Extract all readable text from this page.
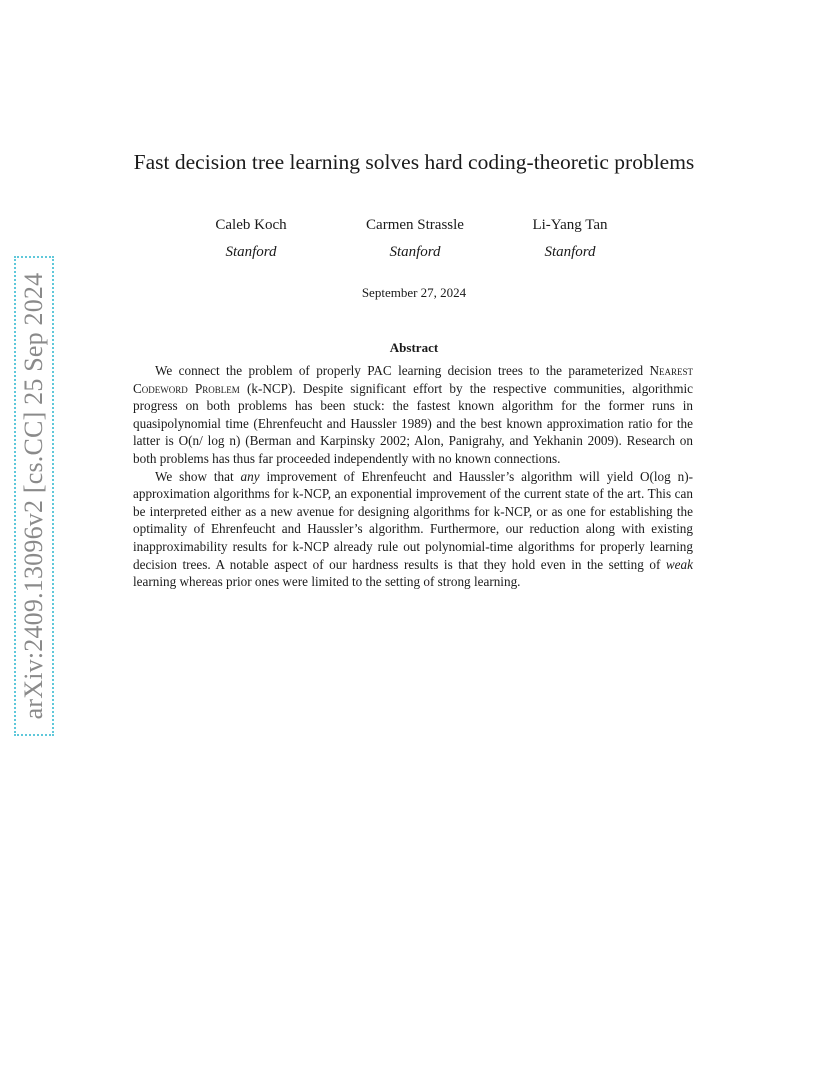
arXiv:2409.13096v2 [cs.CC] 25 Sep 2024
Fast decision tree learning solves hard coding-theoretic problems
Caleb Koch
Stanford
Carmen Strassle
Stanford
Li-Yang Tan
Stanford
September 27, 2024
Abstract

We connect the problem of properly PAC learning decision trees to the parameterized Nearest Codeword Problem (k-NCP). Despite significant effort by the respective communities, algorithmic progress on both problems has been stuck: the fastest known algorithm for the former runs in quasipolynomial time (Ehrenfeucht and Haussler 1989) and the best known approximation ratio for the latter is O(n/ log n) (Berman and Karpinsky 2002; Alon, Panigrahy, and Yekhanin 2009). Research on both problems has thus far proceeded independently with no known connections.

We show that any improvement of Ehrenfeucht and Haussler’s algorithm will yield O(log n)-approximation algorithms for k-NCP, an exponential improvement of the current state of the art. This can be interpreted either as a new avenue for designing algorithms for k-NCP, or as one for establishing the optimality of Ehrenfeucht and Haussler’s algorithm. Furthermore, our reduction along with existing inapproximability results for k-NCP already rule out polynomial-time algorithms for properly learning decision trees. A notable aspect of our hardness results is that they hold even in the setting of weak learning whereas prior ones were limited to the setting of strong learning.
